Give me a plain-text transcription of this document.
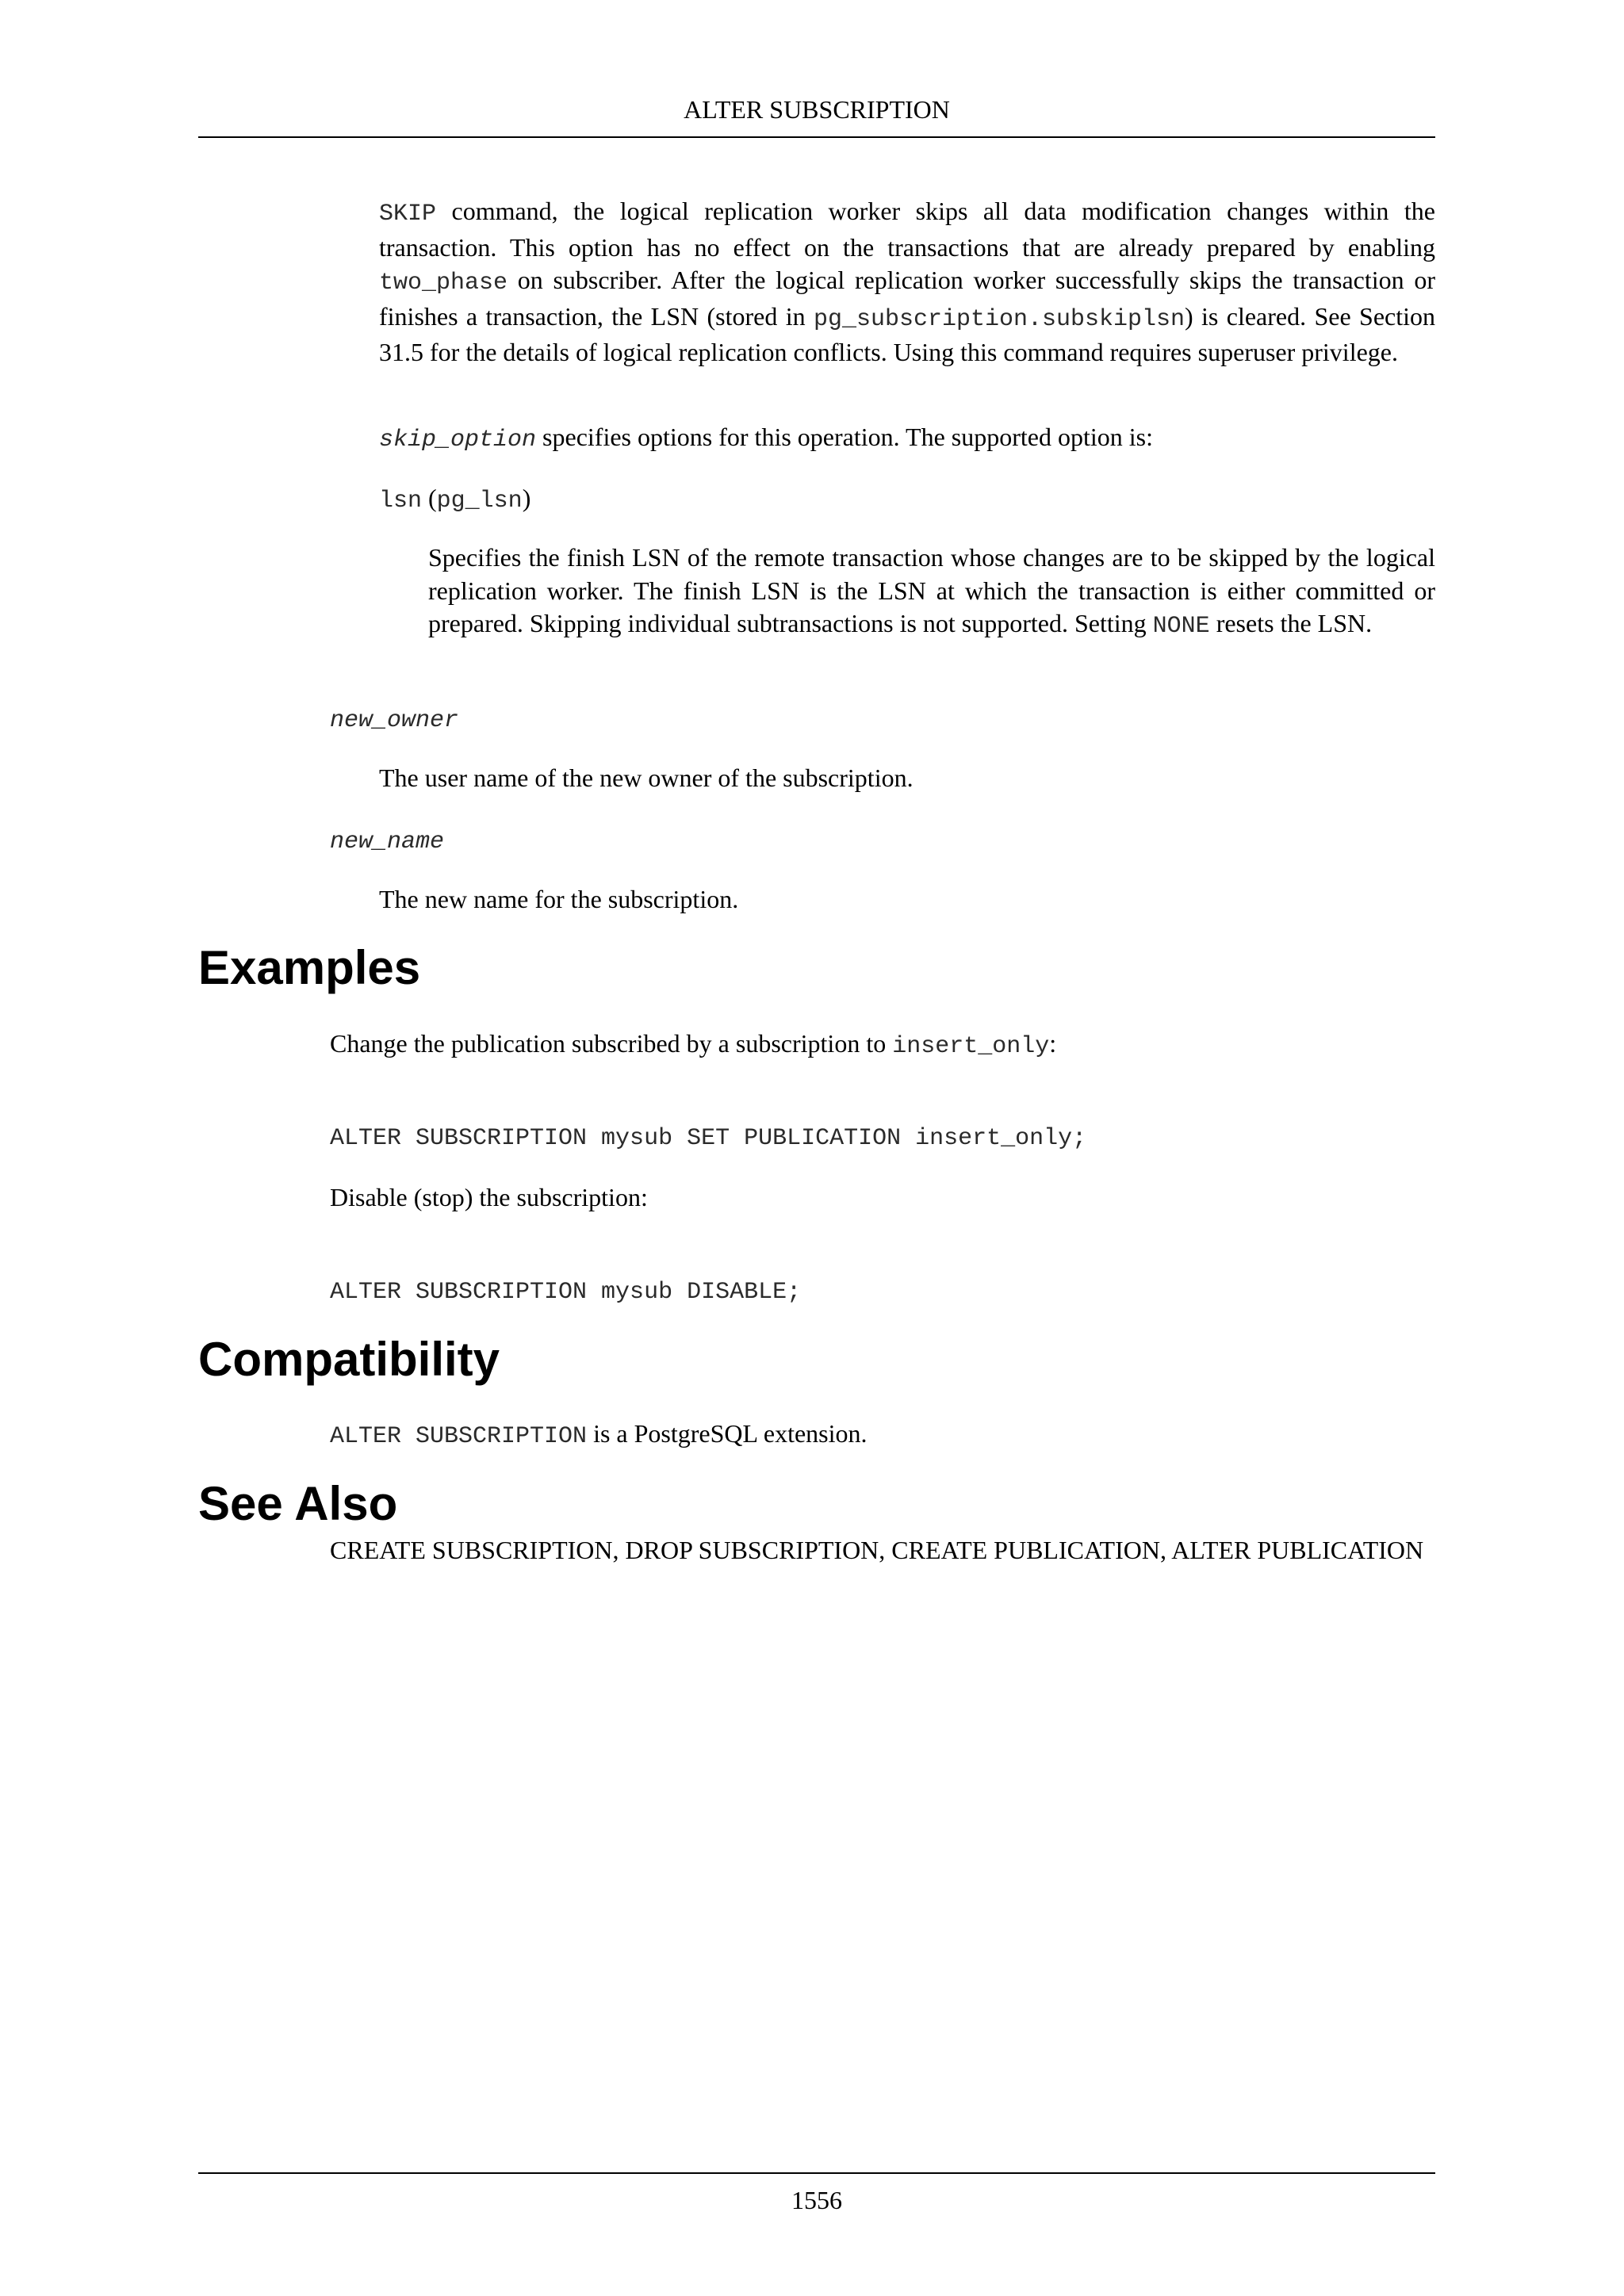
ALTER SUBSCRIPTION

SKIP command, the logical replication worker skips all data modification changes within the transaction. This option has no effect on the transactions that are already prepared by enabling two_phase on subscriber. After the logical replication worker successfully skips the transaction or finishes a transaction, the LSN (stored in pg_subscription.subskiplsn) is cleared. See Section 31.5 for the details of logical replication conflicts. Using this command requires superuser privilege.

skip_option specifies options for this operation. The supported option is:

lsn (pg_lsn)

Specifies the finish LSN of the remote transaction whose changes are to be skipped by the logical replication worker. The finish LSN is the LSN at which the transaction is either committed or prepared. Skipping individual subtransactions is not supported. Setting NONE resets the LSN.

new_owner

The user name of the new owner of the subscription.

new_name

The new name for the subscription.

Examples

Change the publication subscribed by a subscription to insert_only:

ALTER SUBSCRIPTION mysub SET PUBLICATION insert_only;

Disable (stop) the subscription:

ALTER SUBSCRIPTION mysub DISABLE;
Compatibility

ALTER SUBSCRIPTION is a PostgreSQL extension.

See Also

CREATE SUBSCRIPTION, DROP SUBSCRIPTION, CREATE PUBLICATION, ALTER PUBLICATION

1556
